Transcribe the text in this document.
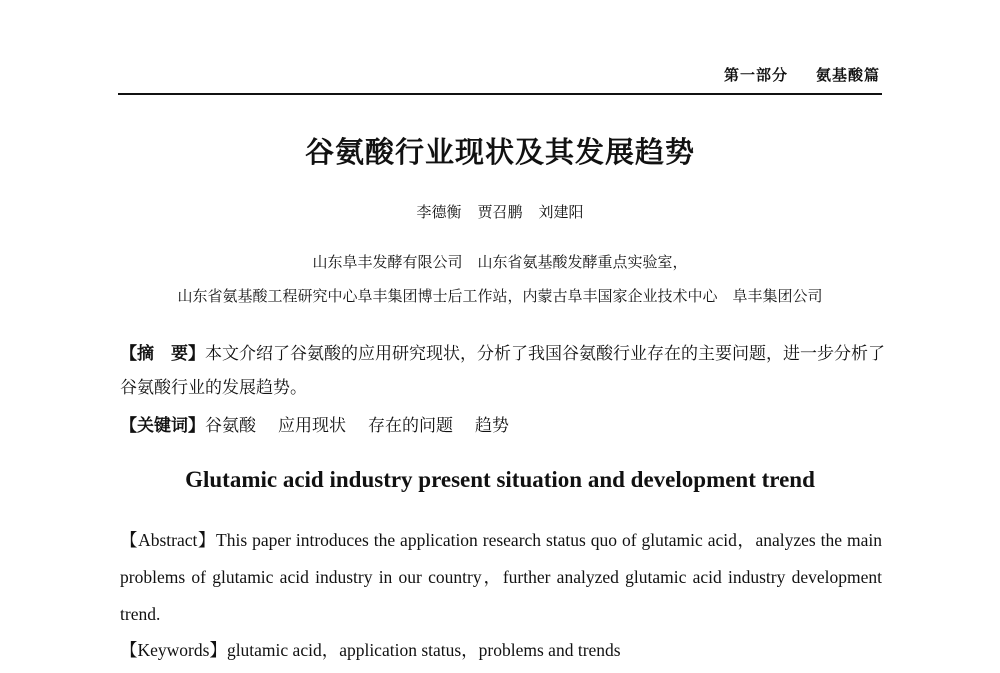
第一部分 氨基酸篇
谷氨酸行业现状及其发展趋势
李德衡 贾召鹏 刘建阳
山东阜丰发酵有限公司　山东省氨基酸发酵重点实验室，
山东省氨基酸工程研究中心阜丰集团博士后工作站，内蒙古阜丰国家企业技术中心　阜丰集团公司
【摘　要】本文介绍了谷氨酸的应用研究现状，分析了我国谷氨酸行业存在的主要问题，进一步分析了谷氨酸行业的发展趋势。
【关键词】谷氨酸 应用现状 存在的问题 趋势
Glutamic acid industry present situation and development trend
【Abstract】This paper introduces the application research status quo of glutamic acid，analyzes the main problems of glutamic acid industry in our country，further analyzed glutamic acid industry development trend.
【Keywords】glutamic acid，application status，problems and trends
